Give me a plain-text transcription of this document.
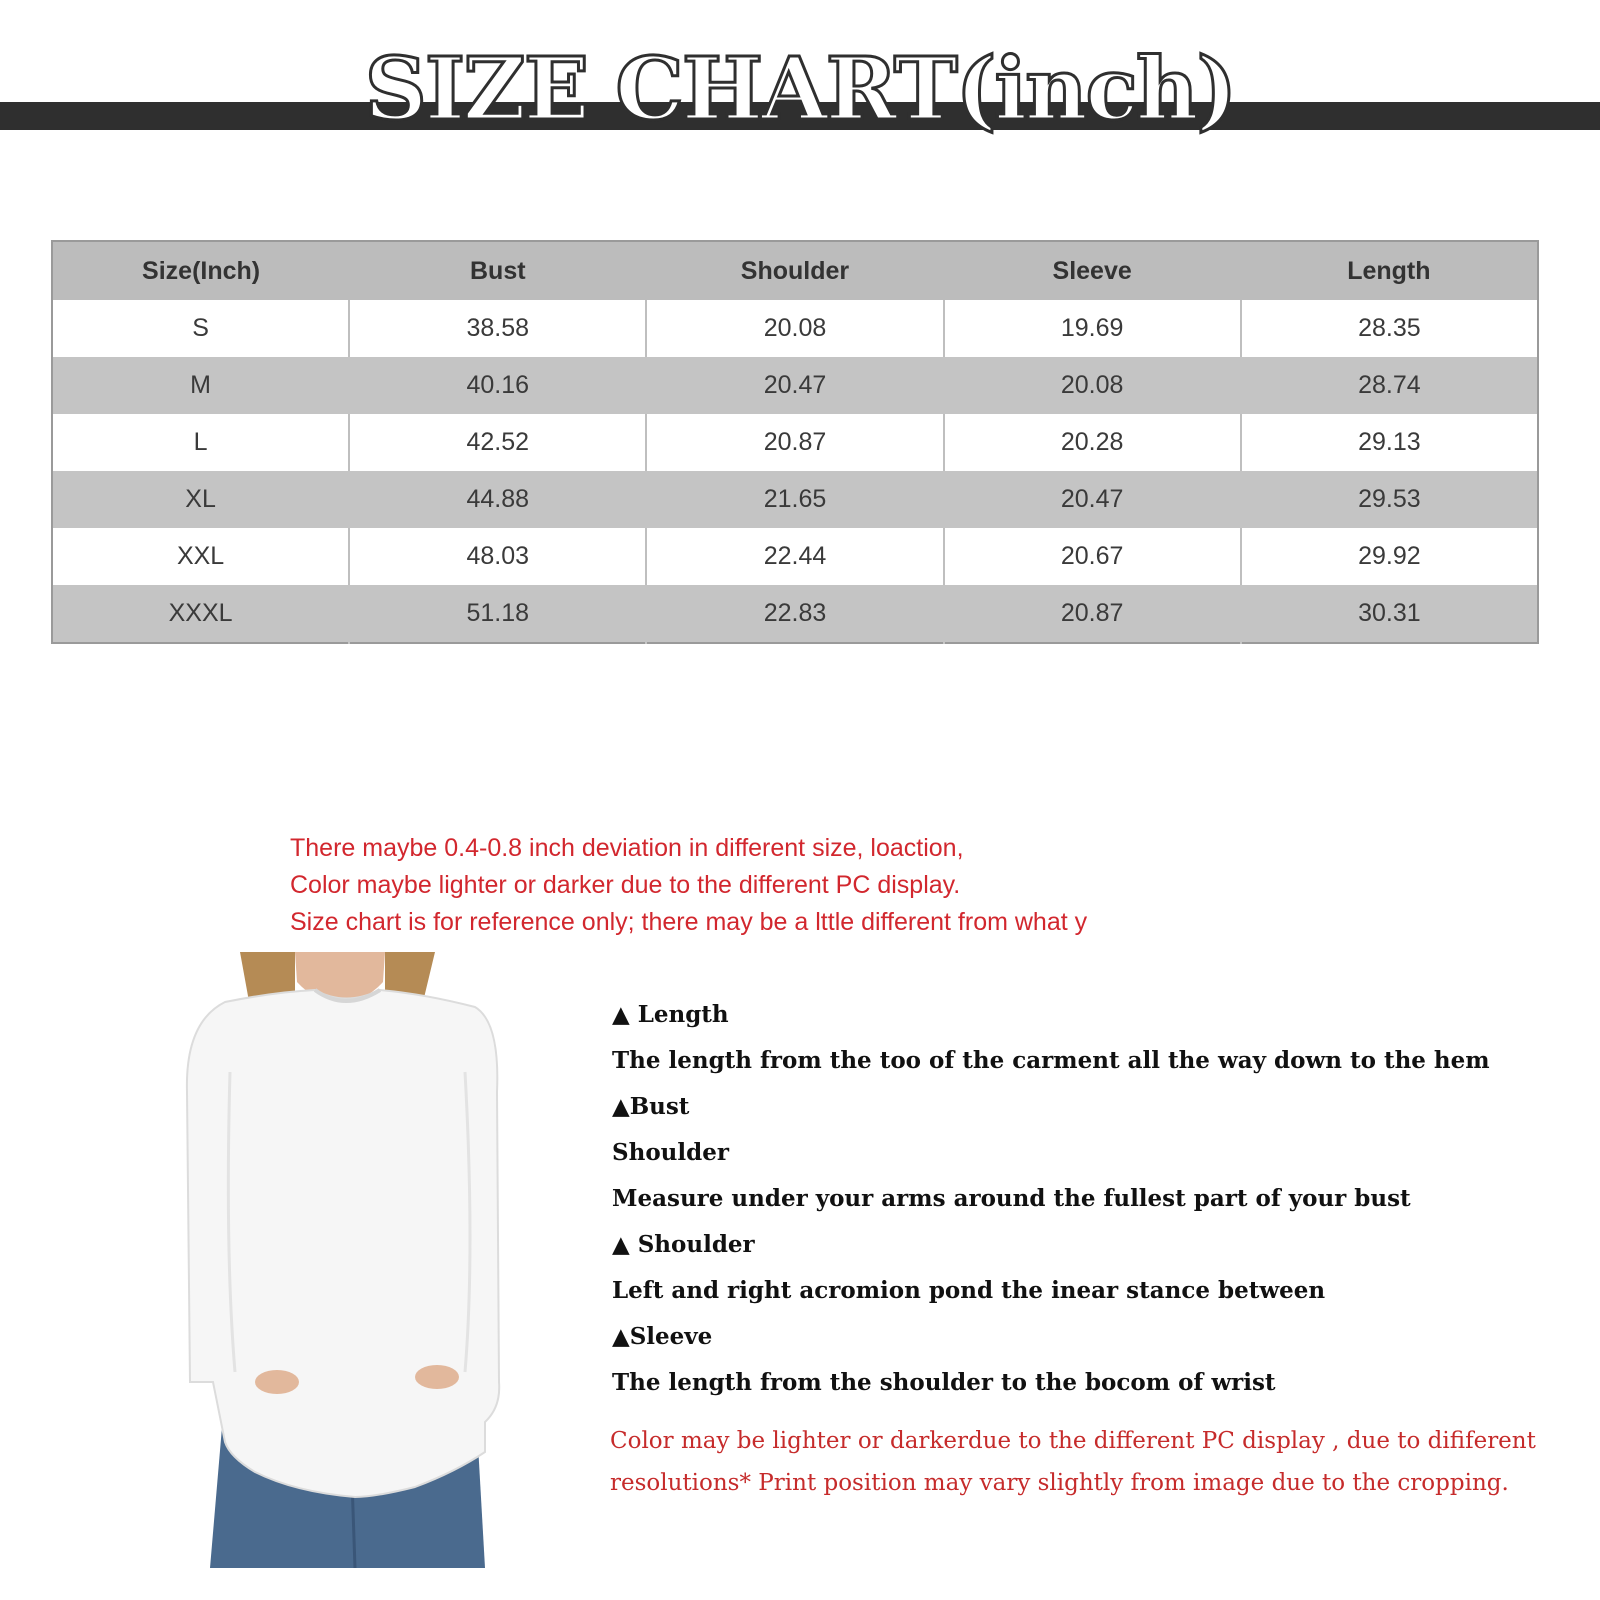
SIZE CHART(inch)
Size(Inch)	Bust	Shoulder	Sleeve	Length
S	38.58	20.08	19.69	28.35
M	40.16	20.47	20.08	28.74
L	42.52	20.87	20.28	29.13
XL	44.88	21.65	20.47	29.53
XXL	48.03	22.44	20.67	29.92
XXXL	51.18	22.83	20.87	30.31
There maybe 0.4-0.8 inch deviation in different size, loaction,
Color maybe lighter or darker due to the different PC display.
Size chart is for reference only; there may be a lttle different from what y
▲ Length
The length from the too of the carment all the way down to the hem
▲Bust
Shoulder
Measure under your arms around the fullest part of your bust
▲ Shoulder
Left and right acromion pond the inear stance between
▲Sleeve
The length from the shoulder to the bocom of wrist
Color may be lighter or darkerdue to the different PC display , due to dififerent
resolutions* Print position may vary slightly from image due to the cropping.
